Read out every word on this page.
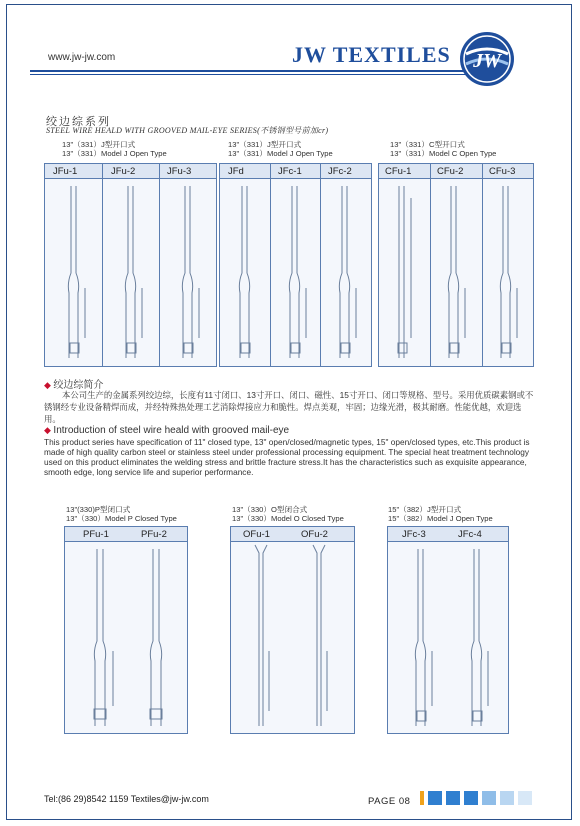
www.jw-jw.com	JW TEXTILES JW
绞边综系列
STEEL WIRE HEALD WITH GROOVED MAIL-EYE SERIES(不锈钢型号前加cr)
13"（331）J型开口式
13"（331）Model J Open Type
JFu-1	JFu-2	JFu-3
13"（331）J型开口式
13"（331）Model J Open Type
JFd	JFc-1	JFc-2
13"（331）C型开口式
13"（331）Model C Open Type
CFu-1	CFu-2	CFu-3
◆ 绞边综简介
本公司生产的金属系列绞边综，长度有11寸闭口、13寸开口、闭口、磁性、15寸开口、闭口等规格、型号。采用优质碳素钢或不锈钢经专业设备精焊而成，并经特殊热处理工艺消除焊接应力和脆性。焊点美观，牢固；边缘光滑，极其耐磨。性能优越，欢迎选用。
◆ Introduction of steel wire heald with grooved mail-eye
This product series have specification of 11" closed type, 13" open/closed/magnetic types, 15" open/closed types, etc.This product is made of high quality carbon steel or stainless steel under professional processing equipment. The special heat treatment technology used on this product eliminates the welding stress and brittle fracture stress.It has the characteristics such as exquisite appearance, smooth edge, long service life and superior performance.
13"(330)P型闭口式
13"（330）Model P Closed Type
PFu-1	PFu-2
13"（330）O型闭合式
13"（330）Model O Closed Type
OFu-1	OFu-2
15"（382）J型开口式
15"（382）Model J Open Type
JFc-3	JFc-4
Tel:(86 29)8542 1159 Textiles@jw-jw.com	PAGE 08
